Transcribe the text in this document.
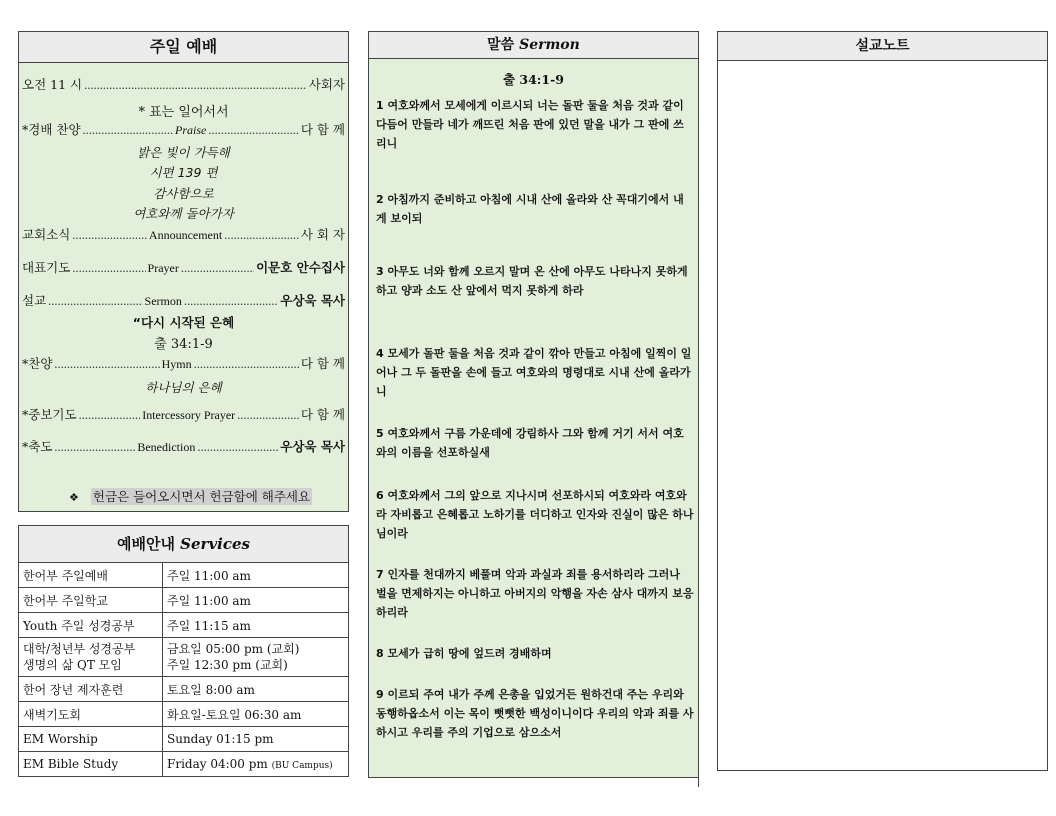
주일 예배
오전 11 시 .....	사회자
* 표는 일어서서
*경배 찬양 .....	Praise .....	다 함 께
밝은 빛이 가득해
시편 139 편
감사함으로
여호와께 돌아가자
교회소식 .....	Announcement .....	사 회 자
대표기도 .....	Prayer .....	이문호 안수집사
설교 .....	Sermon .....	우상욱 목사
“다시 시작된 은혜
출 34:1-9
*찬양 .....	Hymn .....	다 함 께
하나님의 은혜
*중보기도 .....	Intercessory Prayer .....	다 함 께
*축도 .....	Benediction .....	우상욱 목사
❖ 헌금은 들어오시면서 헌금함에 해주세요
예배안내 Services
한어부 주일예배	주일 11:00 am
한어부 주일학교	주일 11:00 am
Youth 주일 성경공부	주일 11:15 am
대학/청년부 성경공부
생명의 삶 QT 모임	금요일 05:00 pm (교회)
주일 12:30 pm (교회)
한어 장년 제자훈련	토요일 8:00 am
새벽기도회	화요일-토요일 06:30 am
EM Worship	Sunday 01:15 pm
EM Bible Study	Friday 04:00 pm (BU Campus)
말씀 Sermon
출 34:1-9
1 여호와께서 모세에게 이르시되 너는 돌판 둘을 처음 것과 같이 다듬어 만들라 네가 깨뜨린 처음 판에 있던 말을 내가 그 판에 쓰리니
2 아침까지 준비하고 아침에 시내 산에 올라와 산 꼭대기에서 내게 보이되
3 아무도 너와 함께 오르지 말며 온 산에 아무도 나타나지 못하게 하고 양과 소도 산 앞에서 먹지 못하게 하라
4 모세가 돌판 둘을 처음 것과 같이 깎아 만들고 아침에 일찍이 일어나 그 두 돌판을 손에 들고 여호와의 명령대로 시내 산에 올라가니
5 여호와께서 구름 가운데에 강림하사 그와 함께 거기 서서 여호와의 이름을 선포하실새
6 여호와께서 그의 앞으로 지나시며 선포하시되 여호와라 여호와라 자비롭고 은혜롭고 노하기를 더디하고 인자와 진실이 많은 하나님이라
7 인자를 천대까지 베풀며 악과 과실과 죄를 용서하리라 그러나 벌을 면제하지는 아니하고 아버지의 악행을 자손 삼사 대까지 보응하리라
8 모세가 급히 땅에 엎드려 경배하며
9 이르되 주여 내가 주께 은총을 입었거든 원하건대 주는 우리와 동행하옵소서 이는 목이 뻣뻣한 백성이니이다 우리의 악과 죄를 사하시고 우리를 주의 기업으로 삼으소서
설교노트
